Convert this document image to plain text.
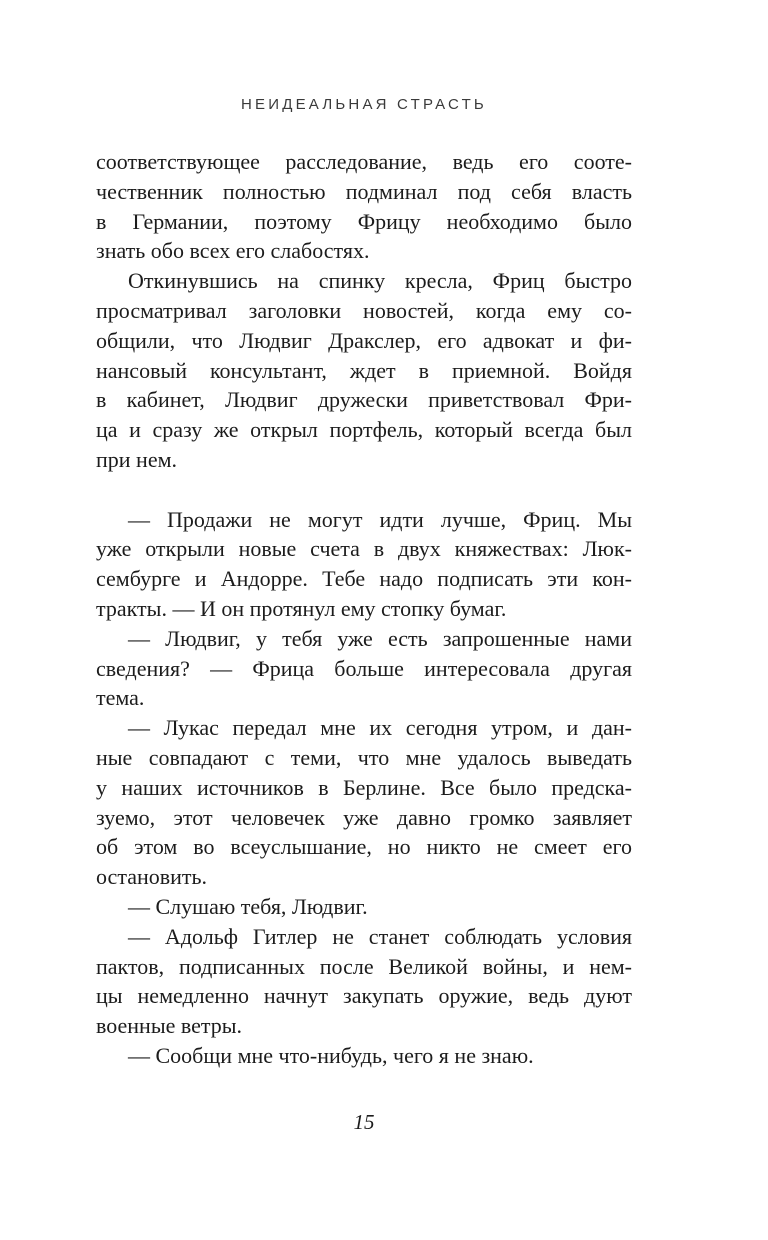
НЕИДЕАЛЬНАЯ СТРАСТЬ
соответствующее расследование, ведь его сооте-
чественник полностью подминал под себя власть
в Германии, поэтому Фрицу необходимо было
знать обо всех его слабостях.
Откинувшись на спинку кресла, Фриц быстро
просматривал заголовки новостей, когда ему со-
общили, что Людвиг Дракслер, его адвокат и фи-
нансовый консультант, ждет в приемной. Войдя
в кабинет, Людвиг дружески приветствовал Фри-
ца и сразу же открыл портфель, который всегда был
при нем.
— Продажи не могут идти лучше, Фриц. Мы
уже открыли новые счета в двух княжествах: Люк-
сембурге и Андорре. Тебе надо подписать эти кон-
тракты. — И он протянул ему стопку бумаг.
— Людвиг, у тебя уже есть запрошенные нами
сведения? — Фрица больше интересовала другая
тема.
— Лукас передал мне их сегодня утром, и дан-
ные совпадают с теми, что мне удалось выведать
у наших источников в Берлине. Все было предска-
зуемо, этот человечек уже давно громко заявляет
об этом во всеуслышание, но никто не смеет его
остановить.
— Слушаю тебя, Людвиг.
— Адольф Гитлер не станет соблюдать условия
пактов, подписанных после Великой войны, и нем-
цы немедленно начнут закупать оружие, ведь дуют
военные ветры.
— Сообщи мне что-нибудь, чего я не знаю.
15
